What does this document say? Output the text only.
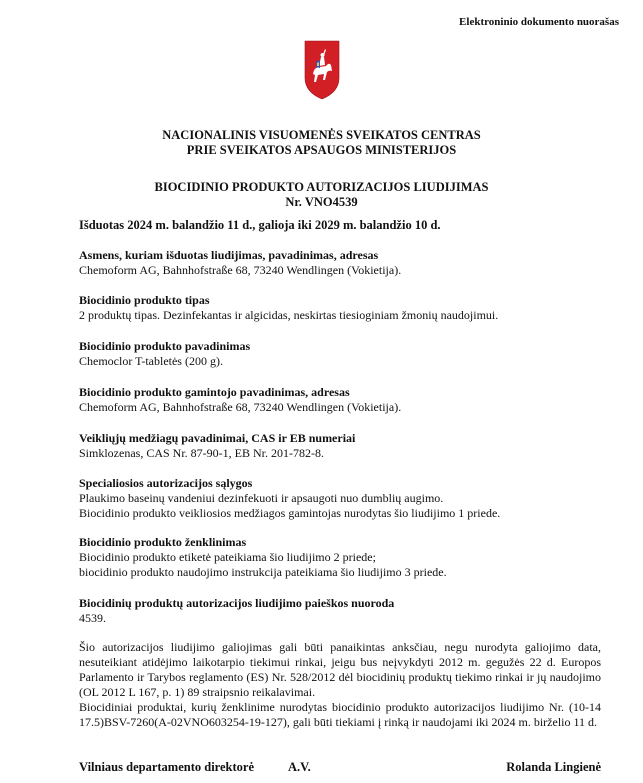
Elektroninio dokumento nuorašas
NACIONALINIS VISUOMENĖS SVEIKATOS CENTRAS
PRIE SVEIKATOS APSAUGOS MINISTERIJOS
BIOCIDINIO PRODUKTO AUTORIZACIJOS LIUDIJIMAS
Nr. VNO4539
Išduotas 2024 m. balandžio 11 d., galioja iki 2029 m. balandžio 10 d.
Asmens, kuriam išduotas liudijimas, pavadinimas, adresas
Chemoform AG, Bahnhofstraße 68, 73240 Wendlingen (Vokietija).
Biocidinio produkto tipas
2 produktų tipas. Dezinfekantas ir algicidas, neskirtas tiesioginiam žmonių naudojimui.
Biocidinio produkto pavadinimas
Chemoclor T-tabletės (200 g).
Biocidinio produkto gamintojo pavadinimas, adresas
Chemoform AG, Bahnhofstraße 68, 73240 Wendlingen (Vokietija).
Veikliųjų medžiagų pavadinimai, CAS ir EB numeriai
Simklozenas, CAS Nr. 87-90-1, EB Nr. 201-782-8.
Specialiosios autorizacijos sąlygos
Plaukimo baseinų vandeniui dezinfekuoti ir apsaugoti nuo dumblių augimo.
Biocidinio produkto veikliosios medžiagos gamintojas nurodytas šio liudijimo 1 priede.
Biocidinio produkto ženklinimas
Biocidinio produkto etiketė pateikiama šio liudijimo 2 priede;
biocidinio produkto naudojimo instrukcija pateikiama šio liudijimo 3 priede.
Biocidinių produktų autorizacijos liudijimo paieškos nuoroda
4539.
Šio autorizacijos liudijimo galiojimas gali būti panaikintas anksčiau, negu nurodyta galiojimo data, nesuteikiant atidėjimo laikotarpio tiekimui rinkai, jeigu bus neįvykdyti 2012 m. gegužės 22 d. Europos Parlamento ir Tarybos reglamento (ES) Nr. 528/2012 dėl biocidinių produktų tiekimo rinkai ir jų naudojimo (OL 2012 L 167, p. 1) 89 straipsnio reikalavimai.
Biocidiniai produktai, kurių ženklinime nurodytas biocidinio produkto autorizacijos liudijimo Nr. (10-14 17.5)BSV-7260(A-02VNO603254-19-127), gali būti tiekiami į rinką ir naudojami iki 2024 m. birželio 11 d.
Vilniaus departamento direktorė	A.V.	Rolanda Lingienė
